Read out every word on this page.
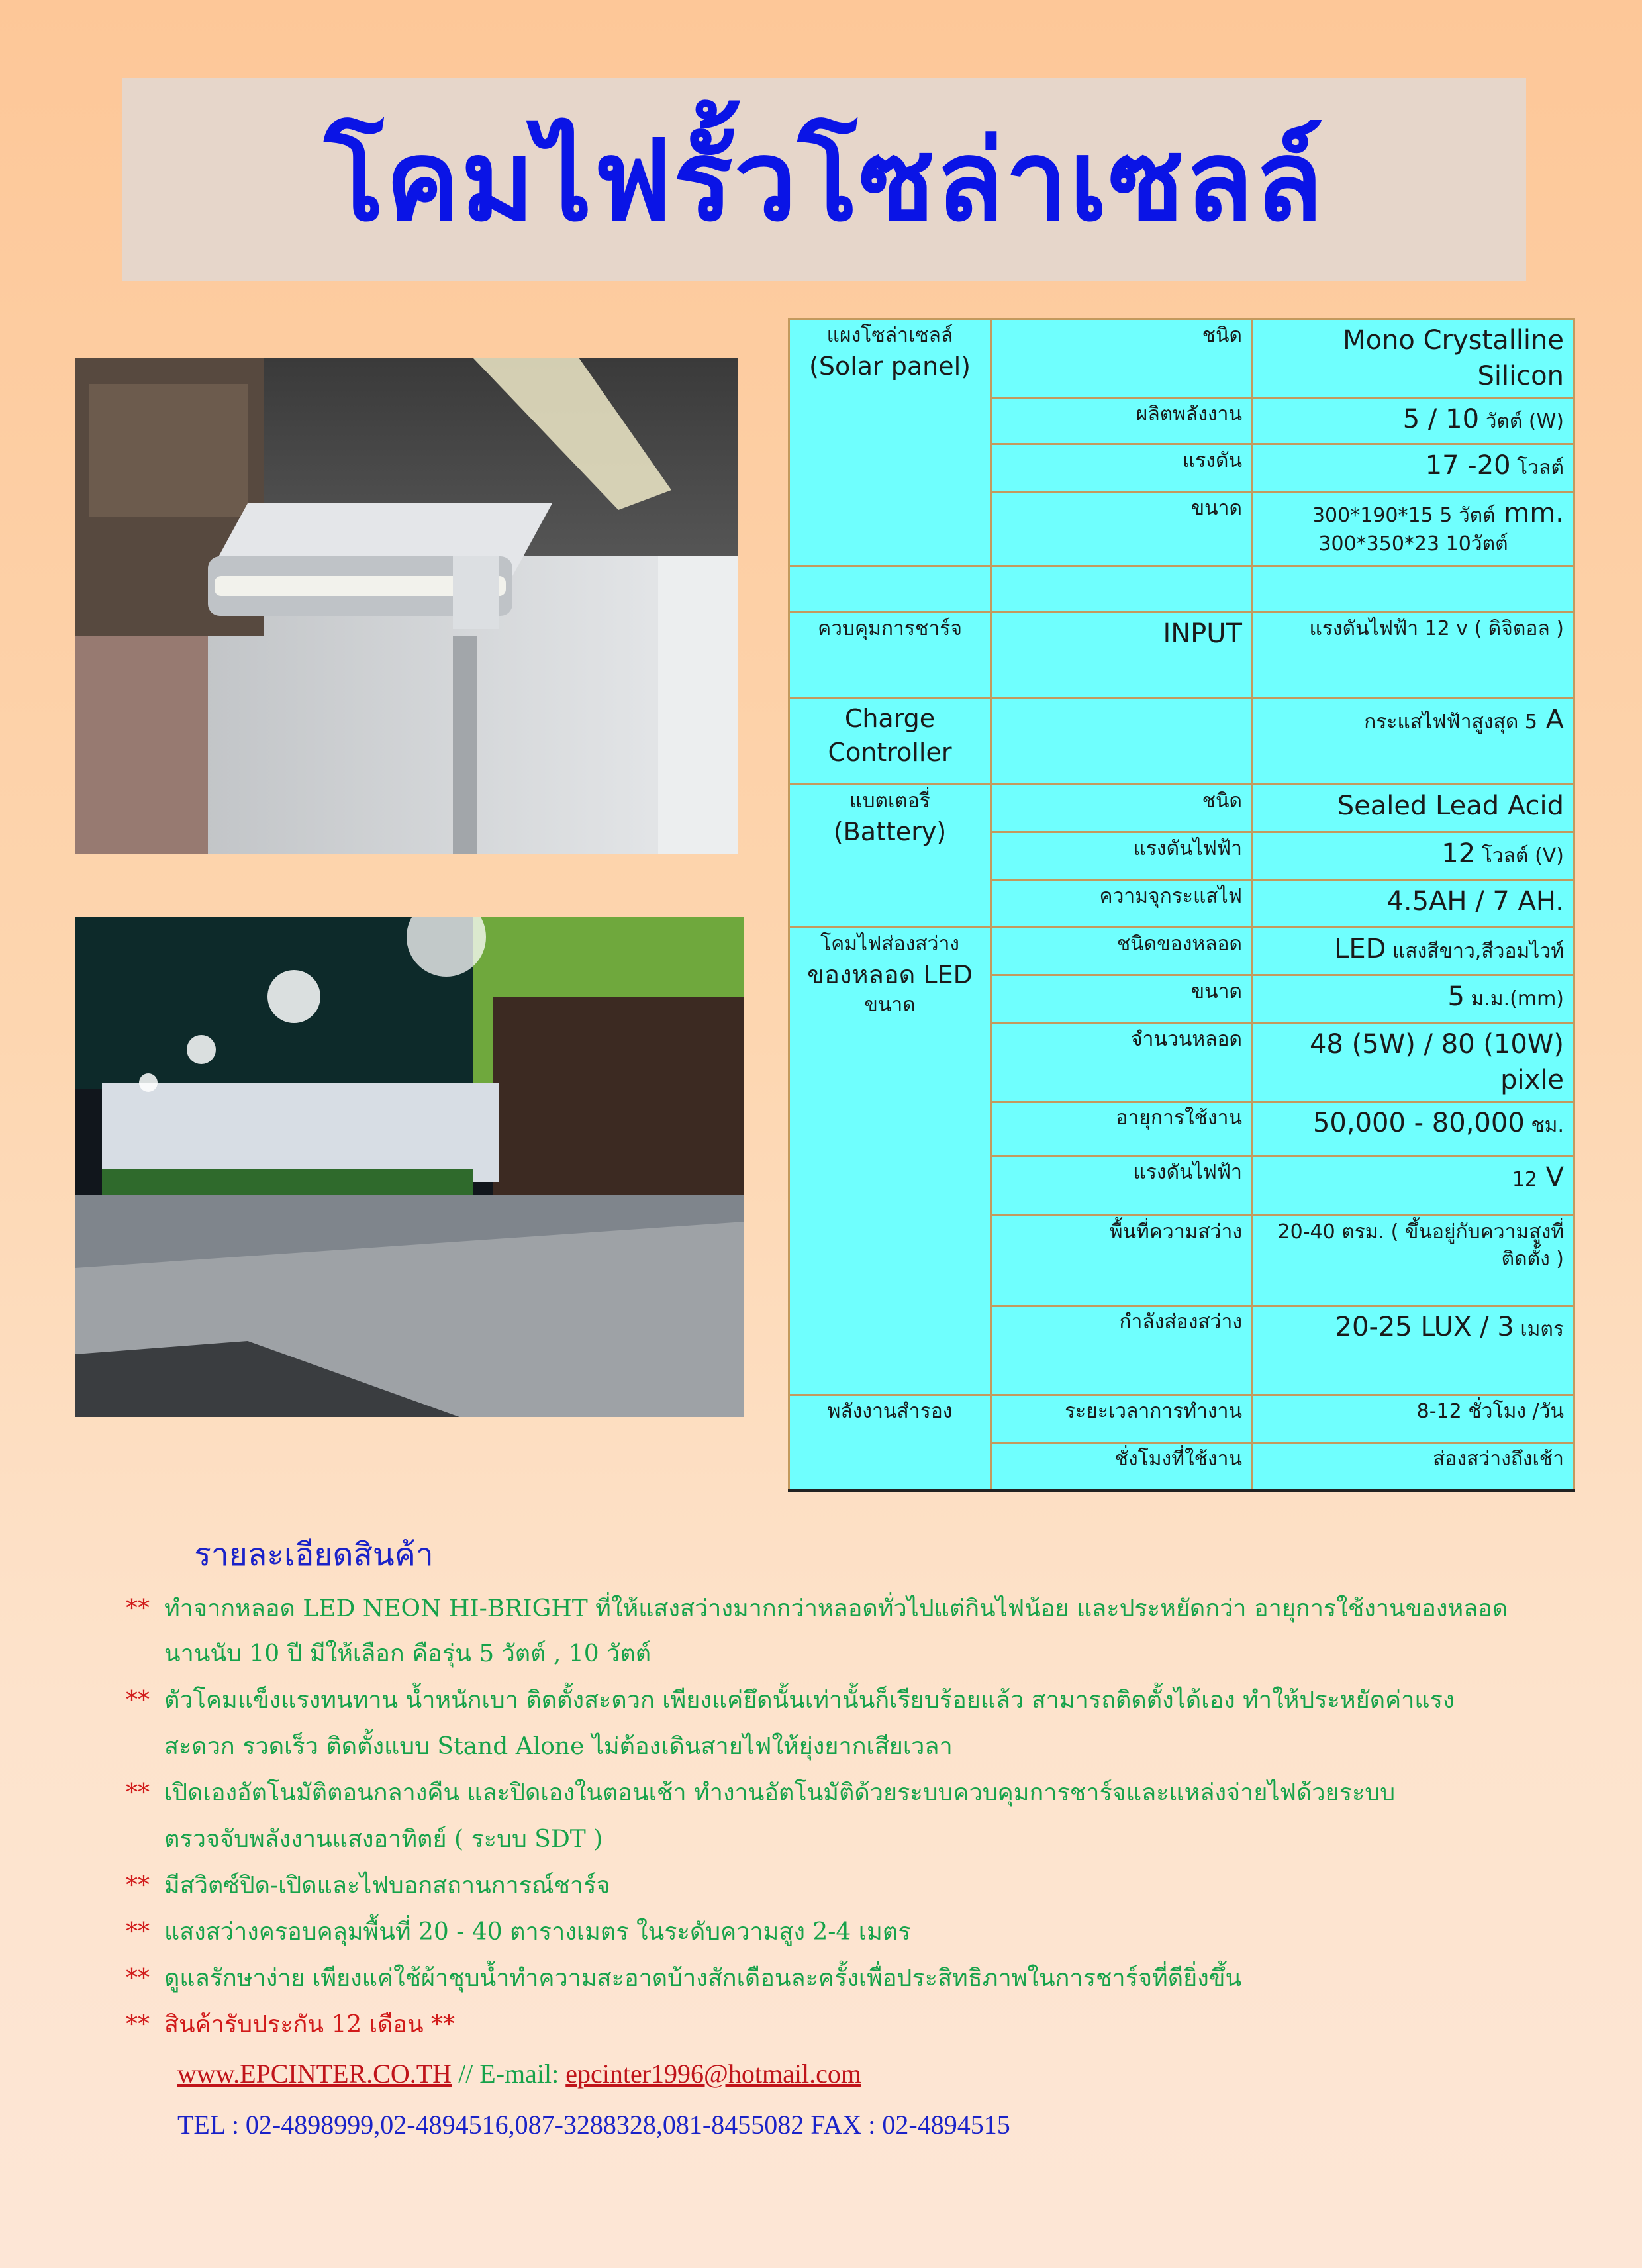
โคมไฟรั้วโซล่าเซลล์
แผงโซล่าเซลล์
(Solar panel)	ชนิด	Mono Crystalline Silicon
	ผลิตพลังงาน	5 / 10 วัตต์ (W)
	แรงดัน	17 -20 โวลต์
	ขนาด	300*190*15 5 วัตต์ mm.
300*350*23 10วัตต์

ควบคุมการชาร์จ	INPUT	แรงดันไฟฟ้า 12 v ( ดิจิตอล )
Charge Controller		กระแสไฟฟ้าสูงสุด 5 A
แบตเตอรี่
(Battery)	ชนิด	Sealed Lead Acid
	แรงดันไฟฟ้า	12 โวลต์ (V)
	ความจุกระแสไฟ	4.5AH / 7 AH.
โคมไฟส่องสว่าง
ของหลอด LED
ขนาด	ชนิดของหลอด	LED แสงสีขาว,สีวอมไวท์
	ขนาด	5 ม.ม.(mm)
	จำนวนหลอด	48 (5W) / 80 (10W)
pixle

	อายุการใช้งาน	50,000 - 80,000 ชม.
	แรงดันไฟฟ้า	12 V
	พื้นที่ความสว่าง	20-40 ตรม. ( ขึ้นอยู่กับความสูงที่
ติดตั้ง )

	กำลังส่องสว่าง	20-25 LUX / 3 เมตร
พลังงานสำรอง	ระยะเวลาการทำงาน	8-12 ชั่วโมง /วัน
	ชั่งโมงที่ใช้งาน	ส่องสว่างถึงเช้า
รายละเอียดสินค้า
** ทำจากหลอด LED NEON HI-BRIGHT ที่ให้แสงสว่างมากกว่าหลอดทั่วไปแต่กินไฟน้อย และประหยัดกว่า อายุการใช้งานของหลอด
นานนับ 10 ปี มีให้เลือก คือรุ่น 5 วัตต์ , 10 วัตต์
** ตัวโคมแข็งแรงทนทาน น้ำหนักเบา ติดตั้งสะดวก เพียงแค่ยึดนั้นเท่านั้นก็เรียบร้อยแล้ว สามารถติดตั้งได้เอง ทำให้ประหยัดค่าแรง
สะดวก รวดเร็ว ติดตั้งแบบ Stand Alone ไม่ต้องเดินสายไฟให้ยุ่งยากเสียเวลา
** เปิดเองอัตโนมัติตอนกลางคืน และปิดเองในตอนเช้า ทำงานอัตโนมัติด้วยระบบควบคุมการชาร์จและแหล่งจ่ายไฟด้วยระบบ
ตรวจจับพลังงานแสงอาทิตย์ ( ระบบ SDT )
** มีสวิตซ์ปิด-เปิดและไฟบอกสถานการณ์ชาร์จ
** แสงสว่างครอบคลุมพื้นที่ 20 - 40 ตารางเมตร ในระดับความสูง 2-4 เมตร
** ดูแลรักษาง่าย เพียงแค่ใช้ผ้าชุบน้ำทำความสะอาดบ้างสักเดือนละครั้งเพื่อประสิทธิภาพในการชาร์จที่ดียิ่งขึ้น
** สินค้ารับประกัน 12 เดือน **
www.EPCINTER.CO.TH // E-mail: epcinter1996@hotmail.com
TEL : 02-4898999,02-4894516,087-3288328,081-8455082 FAX : 02-4894515
